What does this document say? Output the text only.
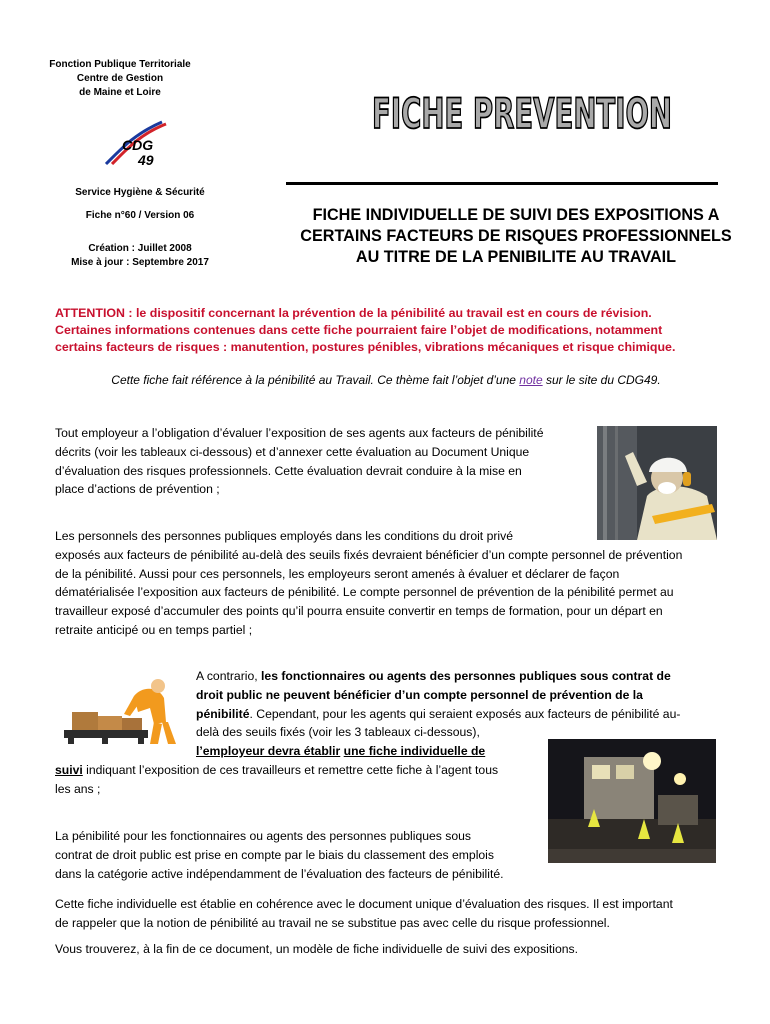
Fonction Publique Territoriale
Centre de Gestion
de Maine et Loire
CDG
49
Service Hygiène & Sécurité
Fiche n°60 / Version 06
Création : Juillet 2008
Mise à jour : Septembre 2017
FICHE PREVENTION
FICHE INDIVIDUELLE DE SUIVI DES EXPOSITIONS A
CERTAINS FACTEURS DE RISQUES PROFESSIONNELS
AU TITRE DE LA PENIBILITE AU TRAVAIL
ATTENTION : le dispositif concernant la prévention de la pénibilité au travail est en cours de révision.
Certaines informations contenues dans cette fiche pourraient faire l’objet de modifications, notamment
certains facteurs de risques : manutention, postures pénibles, vibrations mécaniques et risque chimique.
Cette fiche fait référence à la pénibilité au Travail. Ce thème fait l’objet d’une note sur le site du CDG49.
Tout employeur a l’obligation d’évaluer l’exposition de ses agents aux facteurs de pénibilité
décrits (voir les tableaux ci-dessous) et d’annexer cette évaluation au Document Unique
d’évaluation des risques professionnels. Cette évaluation devrait conduire à la mise en
place d’actions de prévention ;
Les personnels des personnes publiques employés dans les conditions du droit privé
exposés aux facteurs de pénibilité au-delà des seuils fixés devraient bénéficier d’un compte personnel de prévention
de la pénibilité. Aussi pour ces personnels, les employeurs seront amenés à évaluer et déclarer de façon
dématérialisée l’exposition aux facteurs de pénibilité. Le compte personnel de prévention de la pénibilité permet au
travailleur exposé d’accumuler des points qu’il pourra ensuite convertir en temps de formation, pour un départ en
retraite anticipé ou en temps partiel ;
A contrario, les fonctionnaires ou agents des personnes publiques sous contrat de
droit public ne peuvent bénéficier d’un compte personnel de prévention de la
pénibilité. Cependant, pour les agents qui seraient exposés aux facteurs de pénibilité au-
delà des seuils fixés (voir les 3 tableaux ci-dessous),
l’employeur devra établir une fiche individuelle de
suivi indiquant l’exposition de ces travailleurs et remettre cette fiche à l’agent tous
les ans ;
La pénibilité pour les fonctionnaires ou agents des personnes publiques sous
contrat de droit public est prise en compte par le biais du classement des emplois
dans la catégorie active indépendamment de l’évaluation des facteurs de pénibilité.
Cette fiche individuelle est établie en cohérence avec le document unique d’évaluation des risques. Il est important
de rappeler que la notion de pénibilité au travail ne se substitue pas avec celle du risque professionnel.
Vous trouverez, à la fin de ce document, un modèle de fiche individuelle de suivi des expositions.
